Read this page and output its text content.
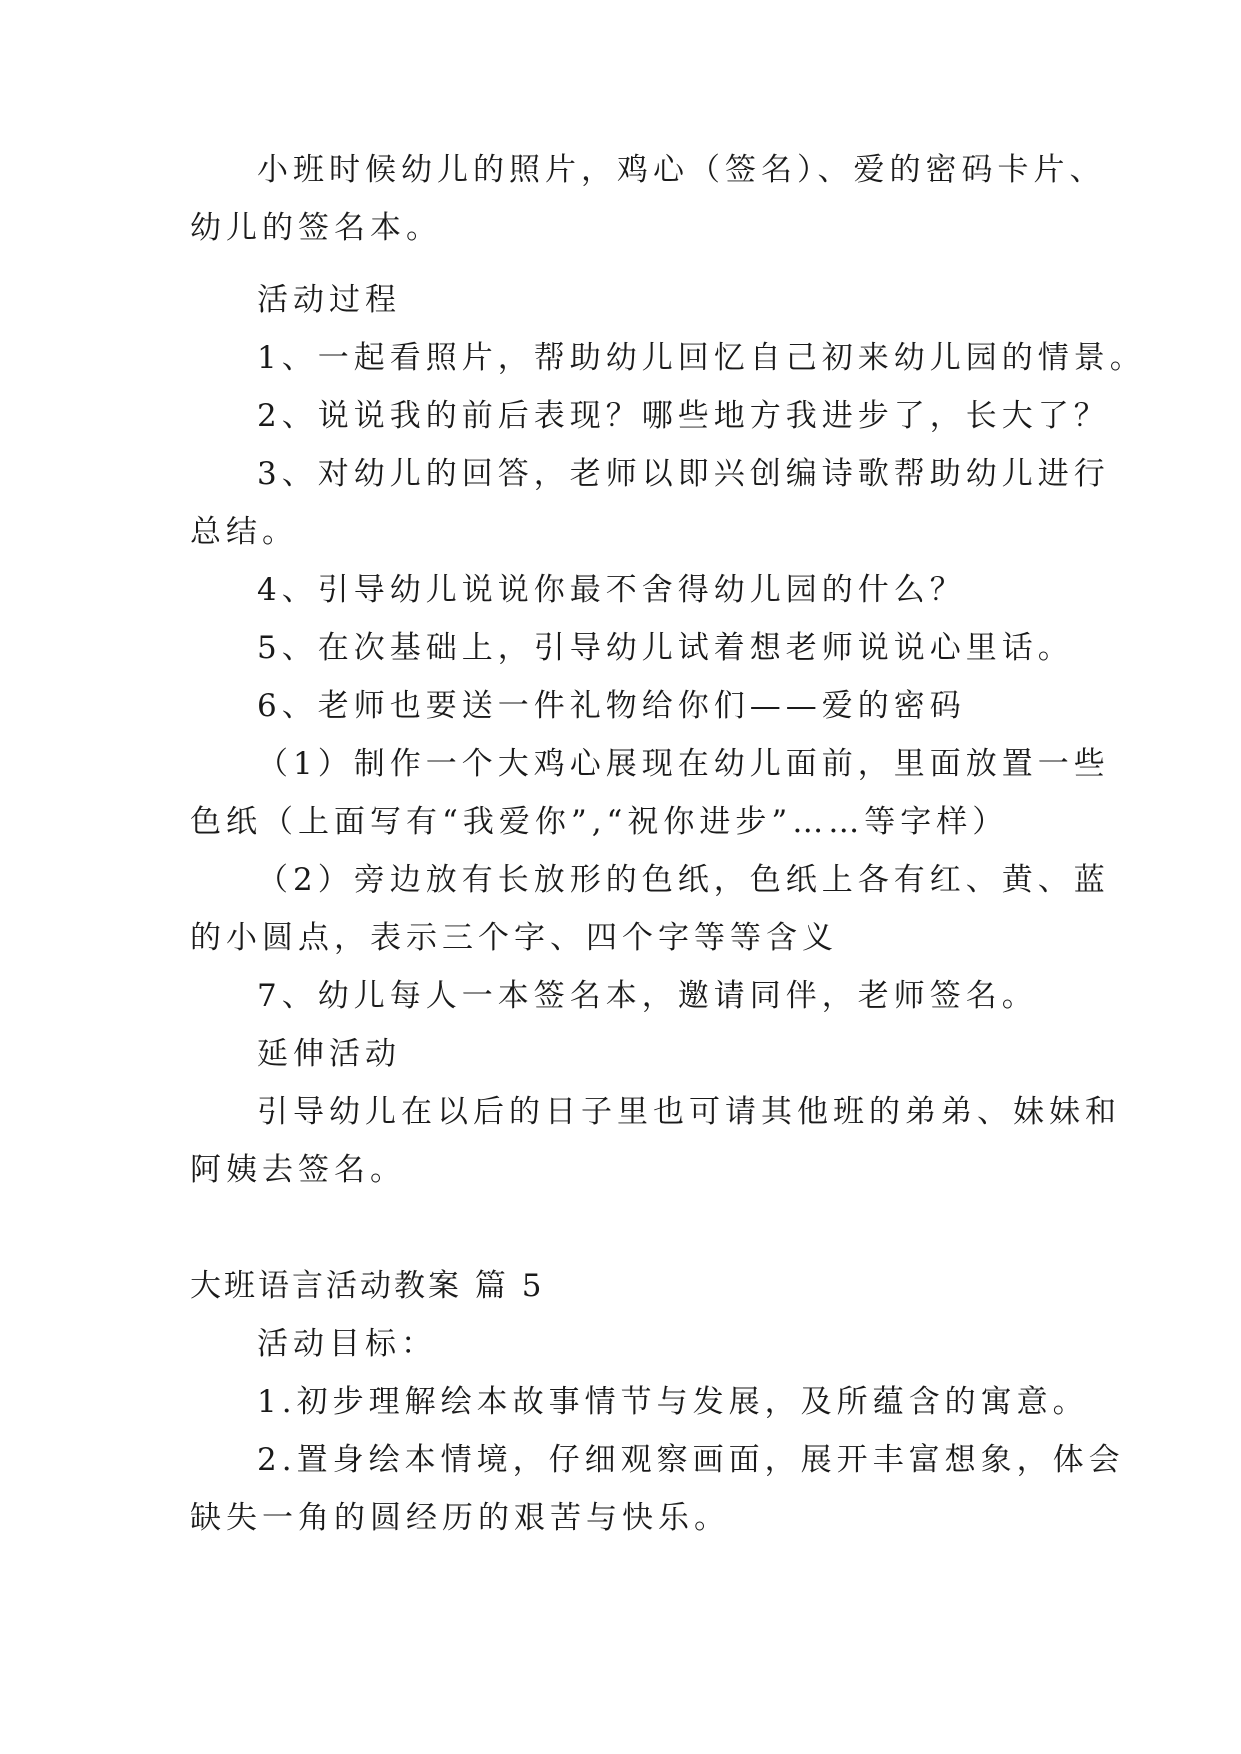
小班时候幼儿的照片，鸡心（签名）、爱的密码卡片、
幼儿的签名本。
活动过程
1、一起看照片，帮助幼儿回忆自己初来幼儿园的情景。
2、说说我的前后表现？哪些地方我进步了，长大了？
3、对幼儿的回答，老师以即兴创编诗歌帮助幼儿进行
总结。
4、引导幼儿说说你最不舍得幼儿园的什么？
5、在次基础上，引导幼儿试着想老师说说心里话。
6、老师也要送一件礼物给你们——爱的密码
（1）制作一个大鸡心展现在幼儿面前，里面放置一些
色纸（上面写有“我爱你”,“祝你进步”……等字样）
（2）旁边放有长放形的色纸，色纸上各有红、黄、蓝
的小圆点，表示三个字、四个字等等含义
7、幼儿每人一本签名本，邀请同伴，老师签名。
延伸活动
引导幼儿在以后的日子里也可请其他班的弟弟、妹妹和
阿姨去签名。
大班语言活动教案 篇 5
活动目标：
1.初步理解绘本故事情节与发展，及所蕴含的寓意。
2.置身绘本情境，仔细观察画面，展开丰富想象，体会
缺失一角的圆经历的艰苦与快乐。
